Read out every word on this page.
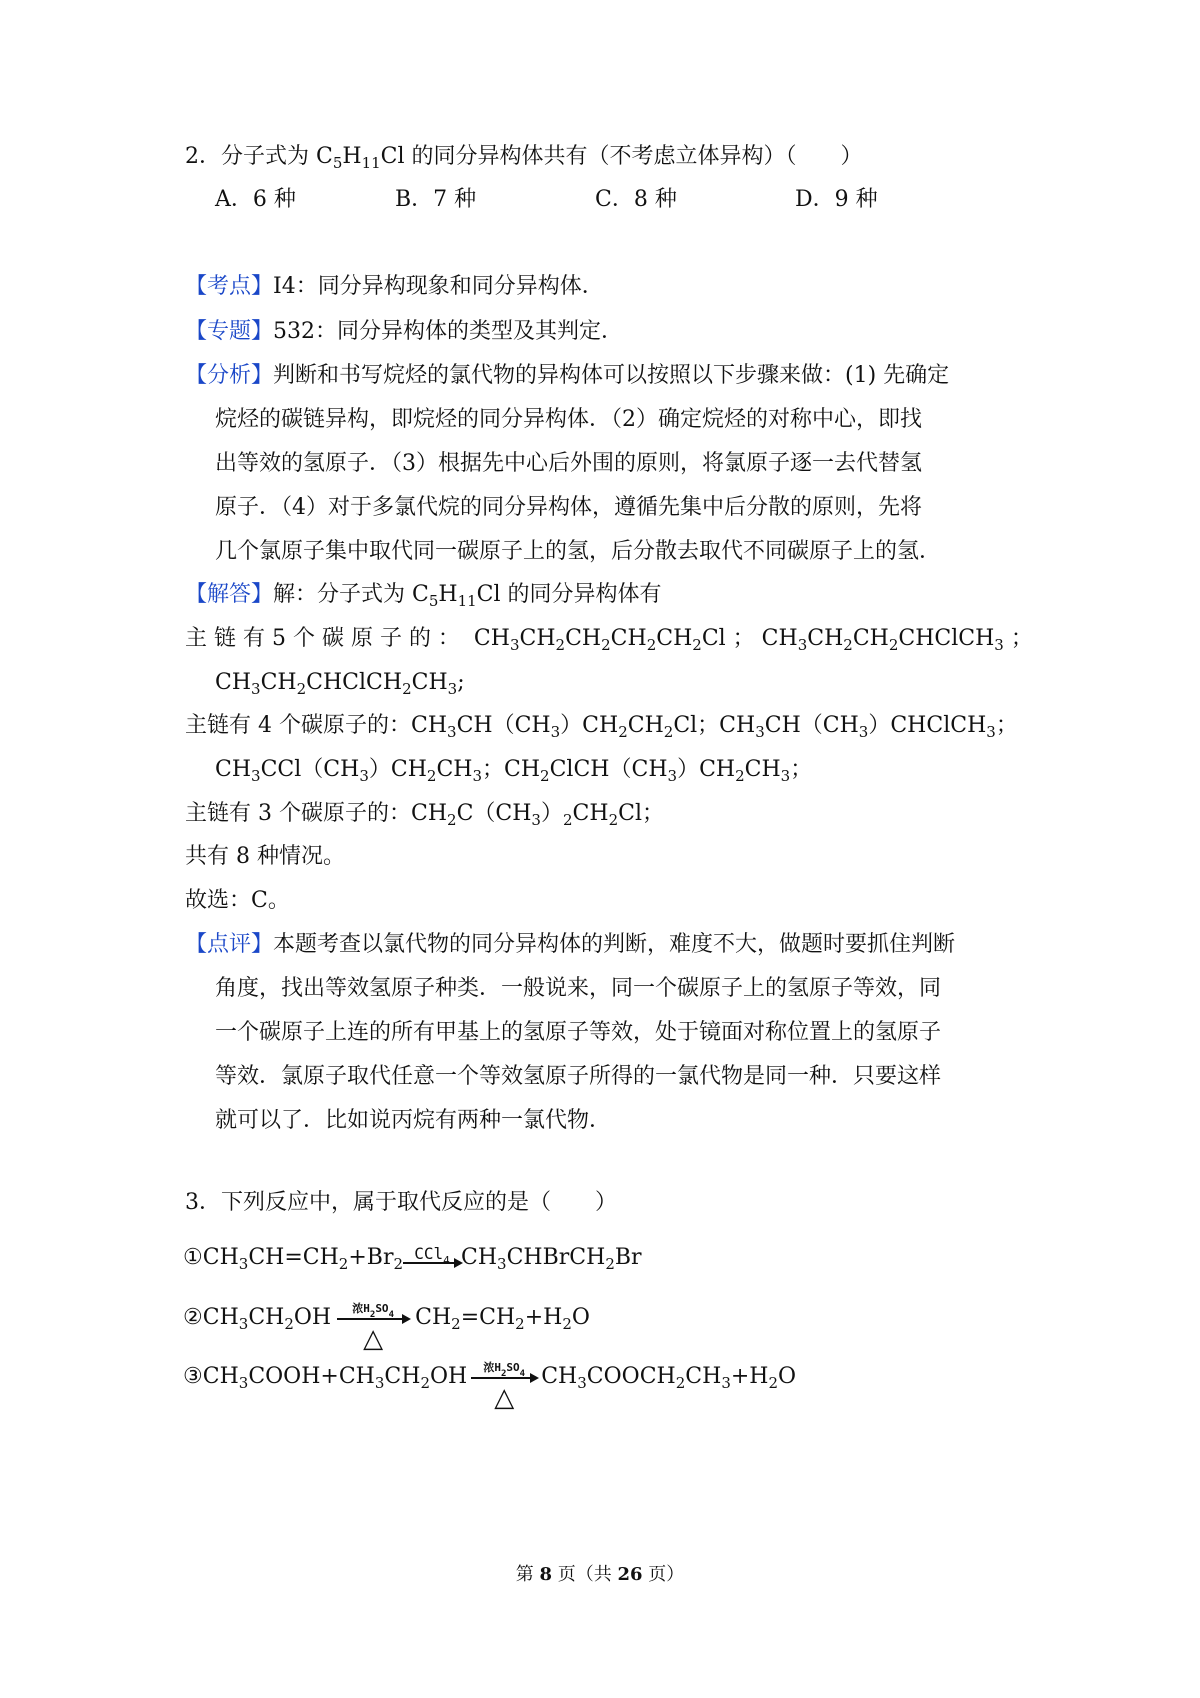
2．分子式为 $C_5H_{11}Cl$ 的同分异构体共有（不考虑立体异构）（　　）
A．6 种	B．7 种	C．8 种	D．9 种
【考点】I4：同分异构现象和同分异构体．
【专题】532：同分异构体的类型及其判定．
【分析】判断和书写烷烃的氯代物的异构体可以按照以下步骤来做：(1) 先确定
烷烃的碳链异构，即烷烃的同分异构体．（2）确定烷烃的对称中心，即找
出等效的氢原子．（3）根据先中心后外围的原则，将氯原子逐一去代替氢
原子．（4）对于多氯代烷的同分异构体，遵循先集中后分散的原则，先将
几个氯原子集中取代同一碳原子上的氢，后分散去取代不同碳原子上的氢．
【解答】解：分子式为 $C_5H_{11}Cl$ 的同分异构体有
主 链 有 5 个 碳 原 子 的 ：  $CH_3CH_2CH_2CH_2CH_2Cl$ ； $CH_3CH_2CH_2CHClCH_3$ ；
$CH_3CH_2CHClCH_2CH_3$;
主链有 4 个碳原子的：$CH_3CH(CH_3)CH_2CH_2Cl$；$CH_3CH(CH_3)CHClCH_3$；
$CH_3CCl(CH_3)CH_2CH_3$；$CH_2ClCH(CH_3)CH_2CH_3$；
主链有 3 个碳原子的：$CH_2C(CH_3)_2CH_2Cl$；
共有 8 种情况。
故选：C。
【点评】本题考查以氯代物的同分异构体的判断，难度不大，做题时要抓住判断
角度，找出等效氢原子种类．一般说来，同一个碳原子上的氢原子等效，同
一个碳原子上连的所有甲基上的氢原子等效，处于镜面对称位置上的氢原子
等效．氯原子取代任意一个等效氢原子所得的一氯代物是同一种．只要这样
就可以了．比如说丙烷有两种一氯代物．
3．下列反应中，属于取代反应的是（　　）
$①CH_3CH=CH_2+Br_2$
CCl$_4$ $CH_3CHBrCH_2Br$
$②CH_3CH_2OH$ 浓$H_2SO_4$
△
$CH_2=CH_2+H_2O$
$③CH_3COOH+CH_3CH_2OH$ 浓$H_2SO_4$
△
$CH_3COOCH_2CH_3+H_2O$
第 8 页（共 26 页）
